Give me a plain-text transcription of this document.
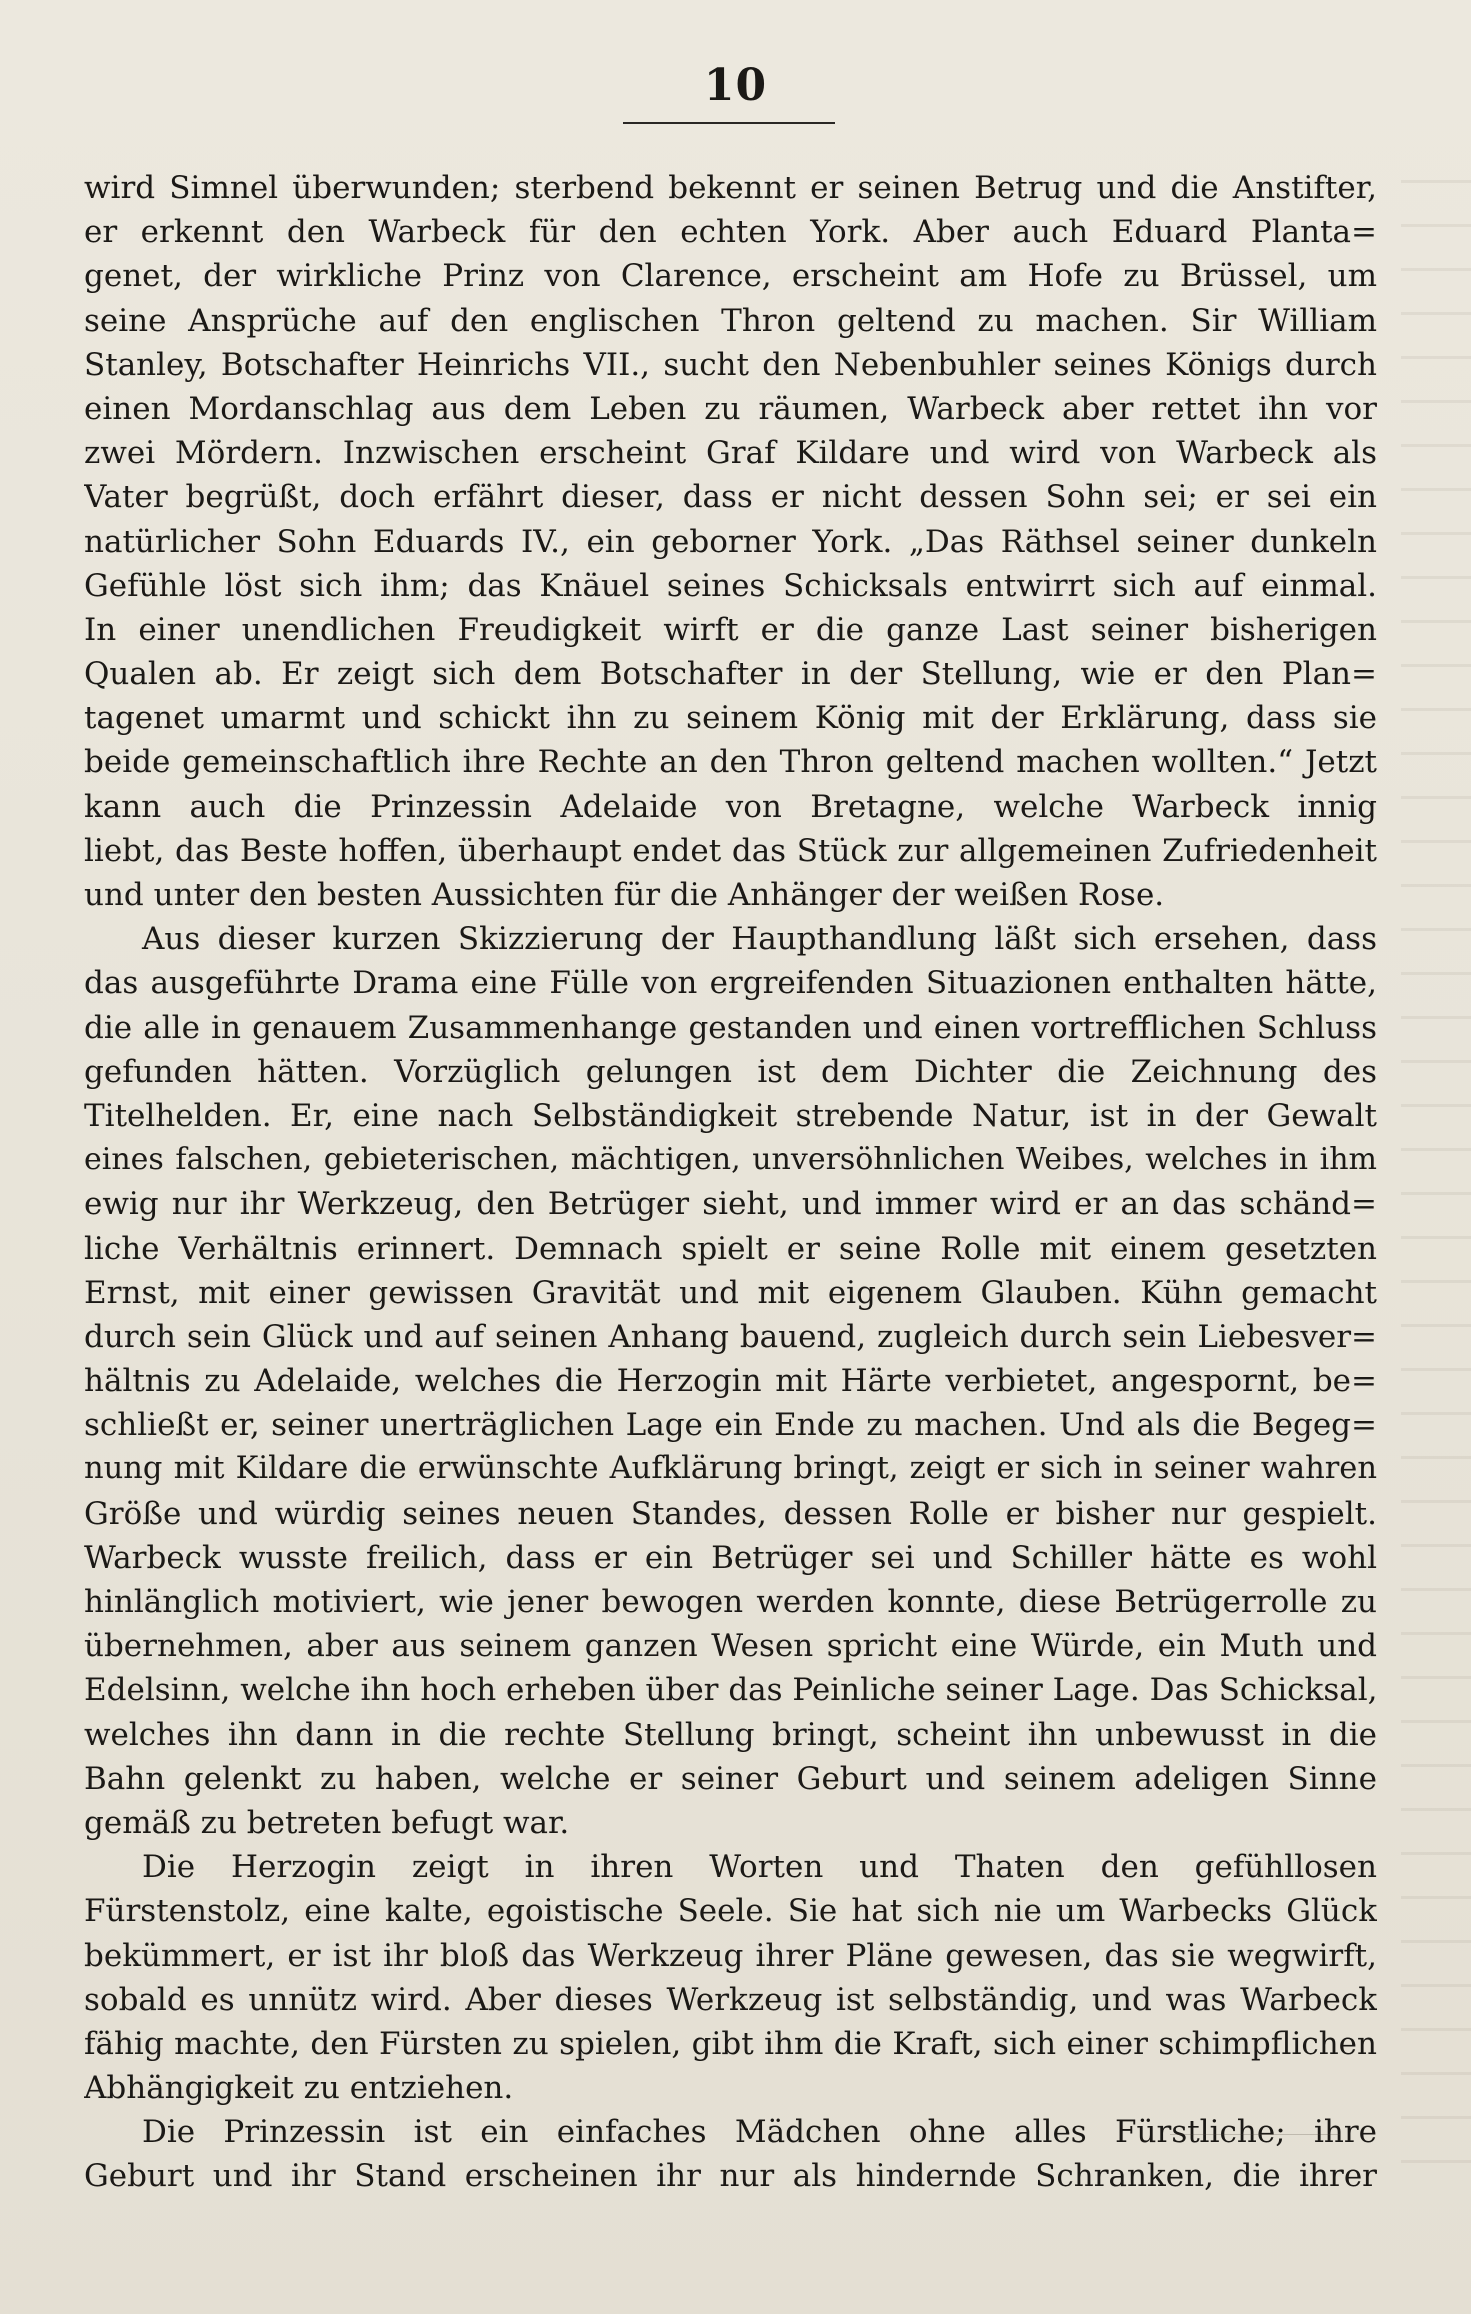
10
wird Simnel überwunden; sterbend bekennt er seinen Betrug und die Anstifter,
er erkennt den Warbeck für den echten York. Aber auch Eduard Planta=
genet, der wirkliche Prinz von Clarence, erscheint am Hofe zu Brüssel, um
seine Ansprüche auf den englischen Thron geltend zu machen. Sir William
Stanley, Botschafter Heinrichs VII., sucht den Nebenbuhler seines Königs durch
einen Mordanschlag aus dem Leben zu räumen, Warbeck aber rettet ihn vor
zwei Mördern. Inzwischen erscheint Graf Kildare und wird von Warbeck als
Vater begrüßt, doch erfährt dieser, dass er nicht dessen Sohn sei; er sei ein
natürlicher Sohn Eduards IV., ein geborner York. „Das Räthsel seiner dunkeln
Gefühle löst sich ihm; das Knäuel seines Schicksals entwirrt sich auf einmal.
In einer unendlichen Freudigkeit wirft er die ganze Last seiner bisherigen
Qualen ab. Er zeigt sich dem Botschafter in der Stellung, wie er den Plan=
tagenet umarmt und schickt ihn zu seinem König mit der Erklärung, dass sie
beide gemeinschaftlich ihre Rechte an den Thron geltend machen wollten.“ Jetzt
kann auch die Prinzessin Adelaide von Bretagne, welche Warbeck innig
liebt, das Beste hoffen, überhaupt endet das Stück zur allgemeinen Zufriedenheit
und unter den besten Aussichten für die Anhänger der weißen Rose.
Aus dieser kurzen Skizzierung der Haupthandlung läßt sich ersehen, dass
das ausgeführte Drama eine Fülle von ergreifenden Situazionen enthalten hätte,
die alle in genauem Zusammenhange gestanden und einen vortrefflichen Schluss
gefunden hätten. Vorzüglich gelungen ist dem Dichter die Zeichnung des
Titelhelden. Er, eine nach Selbständigkeit strebende Natur, ist in der Gewalt
eines falschen, gebieterischen, mächtigen, unversöhnlichen Weibes, welches in ihm
ewig nur ihr Werkzeug, den Betrüger sieht, und immer wird er an das schänd=
liche Verhältnis erinnert. Demnach spielt er seine Rolle mit einem gesetzten
Ernst, mit einer gewissen Gravität und mit eigenem Glauben. Kühn gemacht
durch sein Glück und auf seinen Anhang bauend, zugleich durch sein Liebesver=
hältnis zu Adelaide, welches die Herzogin mit Härte verbietet, angespornt, be=
schließt er, seiner unerträglichen Lage ein Ende zu machen. Und als die Begeg=
nung mit Kildare die erwünschte Aufklärung bringt, zeigt er sich in seiner wahren
Größe und würdig seines neuen Standes, dessen Rolle er bisher nur gespielt.
Warbeck wusste freilich, dass er ein Betrüger sei und Schiller hätte es wohl
hinlänglich motiviert, wie jener bewogen werden konnte, diese Betrügerrolle zu
übernehmen, aber aus seinem ganzen Wesen spricht eine Würde, ein Muth und
Edelsinn, welche ihn hoch erheben über das Peinliche seiner Lage. Das Schicksal,
welches ihn dann in die rechte Stellung bringt, scheint ihn unbewusst in die
Bahn gelenkt zu haben, welche er seiner Geburt und seinem adeligen Sinne
gemäß zu betreten befugt war.
Die Herzogin zeigt in ihren Worten und Thaten den gefühllosen
Fürstenstolz, eine kalte, egoistische Seele. Sie hat sich nie um Warbecks Glück
bekümmert, er ist ihr bloß das Werkzeug ihrer Pläne gewesen, das sie wegwirft,
sobald es unnütz wird. Aber dieses Werkzeug ist selbständig, und was Warbeck
fähig machte, den Fürsten zu spielen, gibt ihm die Kraft, sich einer schimpflichen
Abhängigkeit zu entziehen.
Die Prinzessin ist ein einfaches Mädchen ohne alles Fürstliche; ihre
Geburt und ihr Stand erscheinen ihr nur als hindernde Schranken, die ihrer
